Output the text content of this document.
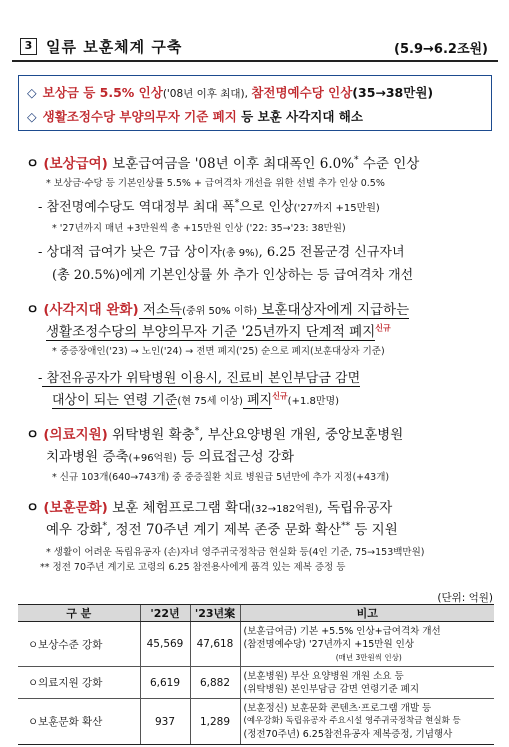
3 일류 보훈체계 구축	(5.9→6.2조원)
◇ 보상금 등 5.5% 인상('08년 이후 최대), 참전명예수당 인상(35→38만원)
◇ 생활조정수당 부양의무자 기준 폐지 등 보훈 사각지대 해소
ㅇ (보상급여) 보훈급여금을 '08년 이후 최대폭인 6.0%* 수준 인상
* 보상금·수당 등 기본인상률 5.5% + 급여격차 개선을 위한 선별 추가 인상 0.5%
- 참전명예수당도 역대정부 최대 폭*으로 인상('27까지 +15만원)
* '27년까지 매년 +3만원씩 총 +15만원 인상 ('22: 35→'23: 38만원)
- 상대적 급여가 낮은 7급 상이자(총 9%), 6.25 전몰군경 신규자녀
(총 20.5%)에게 기본인상률 外 추가 인상하는 등 급여격차 개선
ㅇ (사각지대 완화) 저소득(중위 50% 이하) 보훈대상자에게 지급하는
생활조정수당의 부양의무자 기준 '25년까지 단계적 폐지$^{신규}$
* 중증장애인('23) → 노인('24) → 전면 폐지('25) 순으로 폐지(보훈대상자 기준)
- 참전유공자가 위탁병원 이용시, 진료비 본인부담금 감면
대상이 되는 연령 기준(현 75세 이상) 폐지$^{신규}$(+1.8만명)
ㅇ (의료지원) 위탁병원 확충*, 부산요양병원 개원, 중앙보훈병원
치과병원 증축(+96억원) 등 의료접근성 강화
* 신규 103개(640→743개) 중 중증질환 치료 병원급 5년만에 추가 지정(+43개)
ㅇ (보훈문화) 보훈 체험프로그램 확대(32→182억원), 독립유공자
예우 강화*, 정전 70주년 계기 제복 존중 문화 확산** 등 지원
* 생활이 어려운 독립유공자 (손)자녀 영주귀국정착금 현실화 등(4인 기준, 75→153백만원)
** 정전 70주년 계기로 고령의 6.25 참전용사에게 품격 있는 제복 증정 등
(단위: 억원)
구 분	'22년	'23년案	비고
ㅇ보상수준 강화	45,569	47,618	(보훈급여금) 기본 +5.5% 인상+급여격차 개선
(참전명예수당) '27년까지 +15만원 인상
(매년 3만원씩 인상)

ㅇ의료지원 강화	6,619	6,882	(보훈병원) 부산 요양병원 개원 소요 등
(위탁병원) 본인부담금 감면 연령기준 폐지

ㅇ보훈문화 확산	937	1,289	(보훈정신) 보훈문화 콘텐츠·프로그램 개발 등
(예우강화) 독립유공자 주요시설 영주귀국정착금 현실화 등
(정전70주년) 6.25참전유공자 제복증정, 기념행사
